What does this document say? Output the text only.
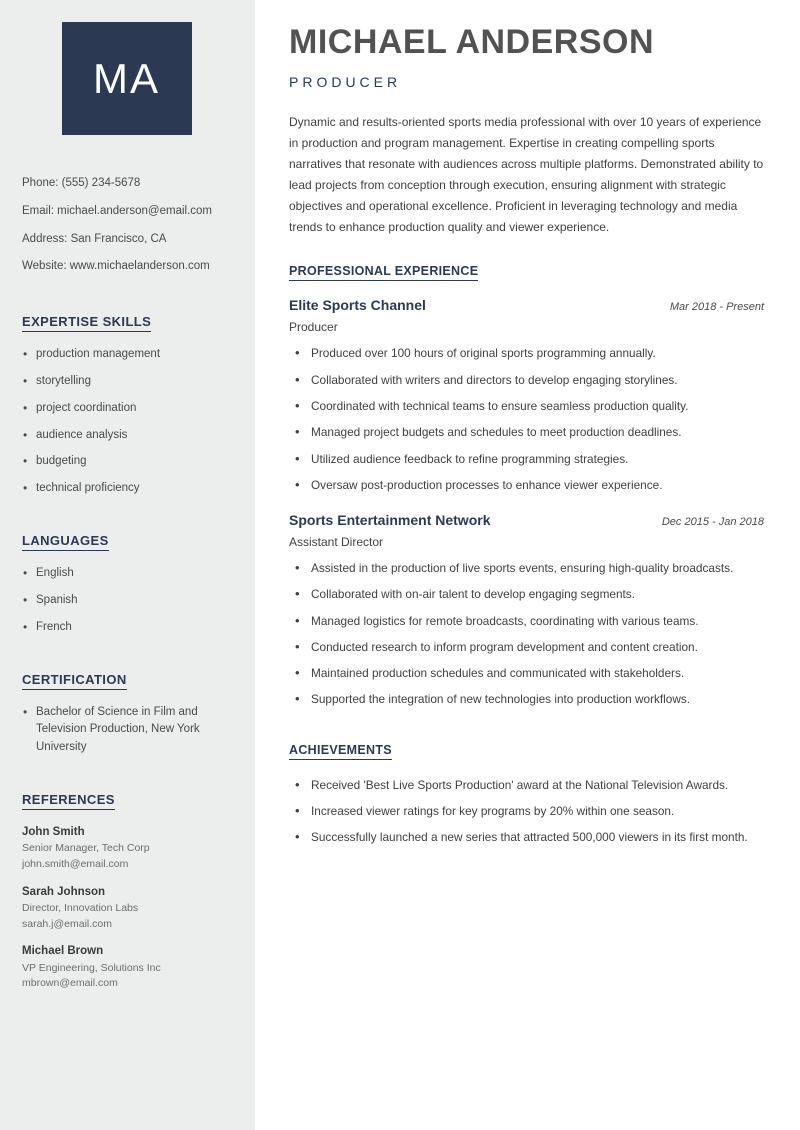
MA
Phone: (555) 234-5678
Email: michael.anderson@email.com
Address: San Francisco, CA
Website: www.michaelanderson.com
EXPERTISE SKILLS
• production management
• storytelling
• project coordination
• audience analysis
• budgeting
• technical proficiency
LANGUAGES
• English
• Spanish
• French
CERTIFICATION
• Bachelor of Science in Film and Television Production, New York University
REFERENCES
John Smith
Senior Manager, Tech Corp
john.smith@email.com
Sarah Johnson
Director, Innovation Labs
sarah.j@email.com
Michael Brown
VP Engineering, Solutions Inc
mbrown@email.com
MICHAEL ANDERSON
PRODUCER
Dynamic and results-oriented sports media professional with over 10 years of experience in production and program management. Expertise in creating compelling sports narratives that resonate with audiences across multiple platforms. Demonstrated ability to lead projects from conception through execution, ensuring alignment with strategic objectives and operational excellence. Proficient in leveraging technology and media trends to enhance production quality and viewer experience.
PROFESSIONAL EXPERIENCE
Elite Sports Channel	Mar 2018 - Present
Producer
• Produced over 100 hours of original sports programming annually.
• Collaborated with writers and directors to develop engaging storylines.
• Coordinated with technical teams to ensure seamless production quality.
• Managed project budgets and schedules to meet production deadlines.
• Utilized audience feedback to refine programming strategies.
• Oversaw post-production processes to enhance viewer experience.
Sports Entertainment Network	Dec 2015 - Jan 2018
Assistant Director
• Assisted in the production of live sports events, ensuring high-quality broadcasts.
• Collaborated with on-air talent to develop engaging segments.
• Managed logistics for remote broadcasts, coordinating with various teams.
• Conducted research to inform program development and content creation.
• Maintained production schedules and communicated with stakeholders.
• Supported the integration of new technologies into production workflows.
ACHIEVEMENTS
• Received 'Best Live Sports Production' award at the National Television Awards.
• Increased viewer ratings for key programs by 20% within one season.
• Successfully launched a new series that attracted 500,000 viewers in its first month.
